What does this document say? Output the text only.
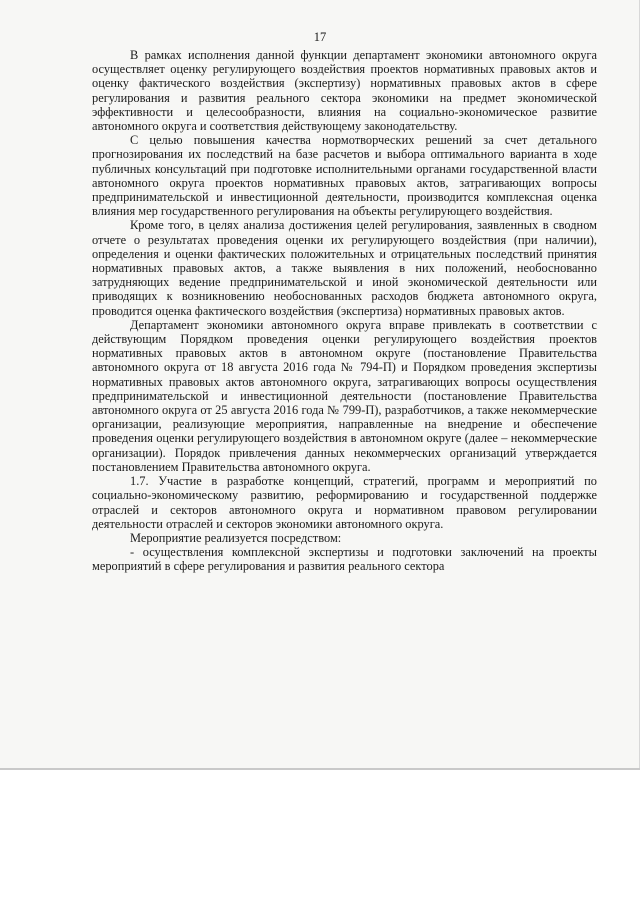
17

В рамках исполнения данной функции департамент экономики автономного округа осуществляет оценку регулирующего воздействия проектов нормативных правовых актов и оценку фактического воздействия (экспертизу) нормативных правовых актов в сфере регулирования и развития реального сектора экономики на предмет экономической эффективности и целесообразности, влияния на социально-экономическое развитие автономного округа и соответствия действующему законодательству.

С целью повышения качества нормотворческих решений за счет детального прогнозирования их последствий на базе расчетов и выбора оптимального варианта в ходе публичных консультаций при подготовке исполнительными органами государственной власти автономного округа проектов нормативных правовых актов, затрагивающих вопросы предпринимательской и инвестиционной деятельности, производится комплексная оценка влияния мер государственного регулирования на объекты регулирующего воздействия.

Кроме того, в целях анализа достижения целей регулирования, заявленных в сводном отчете о результатах проведения оценки их регулирующего воздействия (при наличии), определения и оценки фактических положительных и отрицательных последствий принятия нормативных правовых актов, а также выявления в них положений, необоснованно затрудняющих ведение предпринимательской и иной экономической деятельности или приводящих к возникновению необоснованных расходов бюджета автономного округа, проводится оценка фактического воздействия (экспертиза) нормативных правовых актов.

Департамент экономики автономного округа вправе привлекать в соответствии с действующим Порядком проведения оценки регулирующего воздействия проектов нормативных правовых актов в автономном округе (постановление Правительства автономного округа от 18 августа 2016 года № 794-П) и Порядком проведения экспертизы нормативных правовых актов автономного округа, затрагивающих вопросы осуществления предпринимательской и инвестиционной деятельности (постановление Правительства автономного округа от 25 августа 2016 года № 799-П), разработчиков, а также некоммерческие организации, реализующие мероприятия, направленные на внедрение и обеспечение проведения оценки регулирующего воздействия в автономном округе (далее – некоммерческие организации). Порядок привлечения данных некоммерческих организаций утверждается постановлением Правительства автономного округа.

1.7. Участие в разработке концепций, стратегий, программ и мероприятий по социально-экономическому развитию, реформированию и государственной поддержке отраслей и секторов автономного округа и нормативном правовом регулировании деятельности отраслей и секторов экономики автономного округа.

Мероприятие реализуется посредством:

- осуществления комплексной экспертизы и подготовки заключений на проекты мероприятий в сфере регулирования и развития реального сектора
